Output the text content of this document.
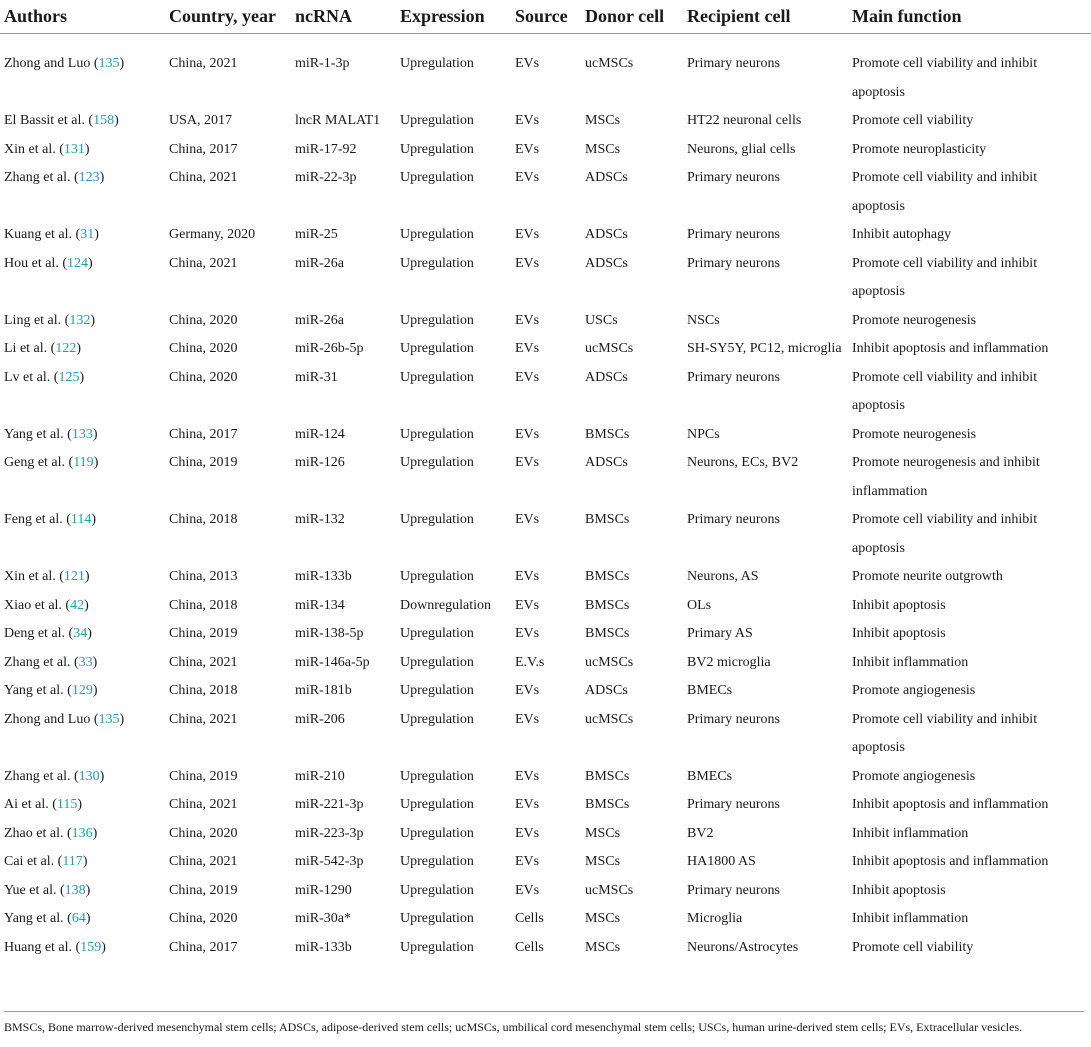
Authors	Country, year	ncRNA	Expression	Source	Donor cell	Recipient cell	Main function
Zhong and Luo (135)	China, 2021	miR-1-3p	Upregulation	EVs	ucMSCs	Primary neurons	Promote cell viability and inhibit apoptosis
El Bassit et al. (158)	USA, 2017	lncR MALAT1	Upregulation	EVs	MSCs	HT22 neuronal cells	Promote cell viability
Xin et al. (131)	China, 2017	miR-17-92	Upregulation	EVs	MSCs	Neurons, glial cells	Promote neuroplasticity
Zhang et al. (123)	China, 2021	miR-22-3p	Upregulation	EVs	ADSCs	Primary neurons	Promote cell viability and inhibit apoptosis
Kuang et al. (31)	Germany, 2020	miR-25	Upregulation	EVs	ADSCs	Primary neurons	Inhibit autophagy
Hou et al. (124)	China, 2021	miR-26a	Upregulation	EVs	ADSCs	Primary neurons	Promote cell viability and inhibit apoptosis
Ling et al. (132)	China, 2020	miR-26a	Upregulation	EVs	USCs	NSCs	Promote neurogenesis
Li et al. (122)	China, 2020	miR-26b-5p	Upregulation	EVs	ucMSCs	SH-SY5Y, PC12, microglia	Inhibit apoptosis and inflammation
Lv et al. (125)	China, 2020	miR-31	Upregulation	EVs	ADSCs	Primary neurons	Promote cell viability and inhibit apoptosis
Yang et al. (133)	China, 2017	miR-124	Upregulation	EVs	BMSCs	NPCs	Promote neurogenesis
Geng et al. (119)	China, 2019	miR-126	Upregulation	EVs	ADSCs	Neurons, ECs, BV2	Promote neurogenesis and inhibit inflammation
Feng et al. (114)	China, 2018	miR-132	Upregulation	EVs	BMSCs	Primary neurons	Promote cell viability and inhibit apoptosis
Xin et al. (121)	China, 2013	miR-133b	Upregulation	EVs	BMSCs	Neurons, AS	Promote neurite outgrowth
Xiao et al. (42)	China, 2018	miR-134	Downregulation	EVs	BMSCs	OLs	Inhibit apoptosis
Deng et al. (34)	China, 2019	miR-138-5p	Upregulation	EVs	BMSCs	Primary AS	Inhibit apoptosis
Zhang et al. (33)	China, 2021	miR-146a-5p	Upregulation	E.V.s	ucMSCs	BV2 microglia	Inhibit inflammation
Yang et al. (129)	China, 2018	miR-181b	Upregulation	EVs	ADSCs	BMECs	Promote angiogenesis
Zhong and Luo (135)	China, 2021	miR-206	Upregulation	EVs	ucMSCs	Primary neurons	Promote cell viability and inhibit apoptosis
Zhang et al. (130)	China, 2019	miR-210	Upregulation	EVs	BMSCs	BMECs	Promote angiogenesis
Ai et al. (115)	China, 2021	miR-221-3p	Upregulation	EVs	BMSCs	Primary neurons	Inhibit apoptosis and inflammation
Zhao et al. (136)	China, 2020	miR-223-3p	Upregulation	EVs	MSCs	BV2	Inhibit inflammation
Cai et al. (117)	China, 2021	miR-542-3p	Upregulation	EVs	MSCs	HA1800 AS	Inhibit apoptosis and inflammation
Yue et al. (138)	China, 2019	miR-1290	Upregulation	EVs	ucMSCs	Primary neurons	Inhibit apoptosis
Yang et al. (64)	China, 2020	miR-30a*	Upregulation	Cells	MSCs	Microglia	Inhibit inflammation
Huang et al. (159)	China, 2017	miR-133b	Upregulation	Cells	MSCs	Neurons/Astrocytes	Promote cell viability
BMSCs, Bone marrow-derived mesenchymal stem cells; ADSCs, adipose-derived stem cells; ucMSCs, umbilical cord mesenchymal stem cells; USCs, human urine-derived stem cells; EVs, Extracellular vesicles.
